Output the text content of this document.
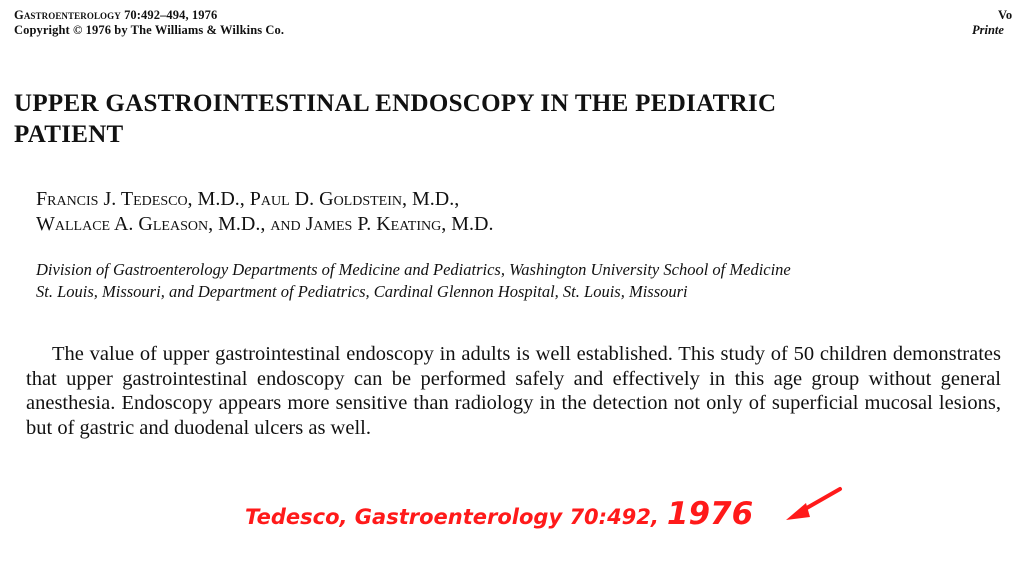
Gastroenterology 70:492–494, 1976
Copyright © 1976 by The Williams & Wilkins Co.
Vo
Printe
UPPER GASTROINTESTINAL ENDOSCOPY IN THE PEDIATRIC
PATIENT
Francis J. Tedesco, M.D., Paul D. Goldstein, M.D.,
Wallace A. Gleason, M.D., and James P. Keating, M.D.
Division of Gastroenterology Departments of Medicine and Pediatrics, Washington University School of Medicine
St. Louis, Missouri, and Department of Pediatrics, Cardinal Glennon Hospital, St. Louis, Missouri

The value of upper gastrointestinal endoscopy in adults is well established. This study of 50 children demonstrates that upper gastrointestinal endoscopy can be performed safely and effectively in this age group without general anesthesia. Endoscopy appears more sensitive than radiology in the detection not only of superficial mucosal lesions, but of gastric and duodenal ulcers as well.

Tedesco, Gastroenterology 70:492, 1976
